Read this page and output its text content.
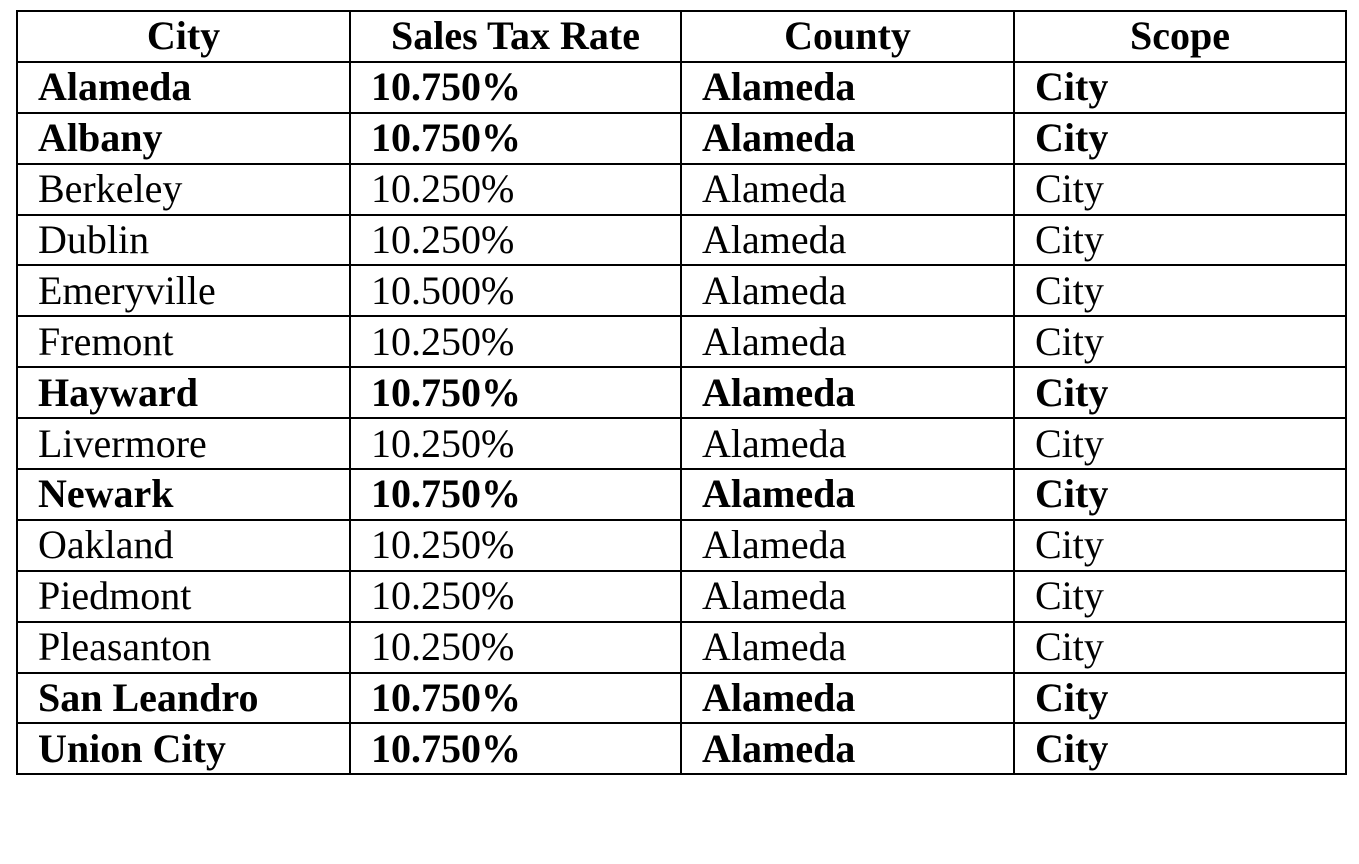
City	Sales Tax Rate	County	Scope
Alameda	10.750%	Alameda	City
Albany	10.750%	Alameda	City
Berkeley	10.250%	Alameda	City
Dublin	10.250%	Alameda	City
Emeryville	10.500%	Alameda	City
Fremont	10.250%	Alameda	City
Hayward	10.750%	Alameda	City
Livermore	10.250%	Alameda	City
Newark	10.750%	Alameda	City
Oakland	10.250%	Alameda	City
Piedmont	10.250%	Alameda	City
Pleasanton	10.250%	Alameda	City
San Leandro	10.750%	Alameda	City
Union City	10.750%	Alameda	City
